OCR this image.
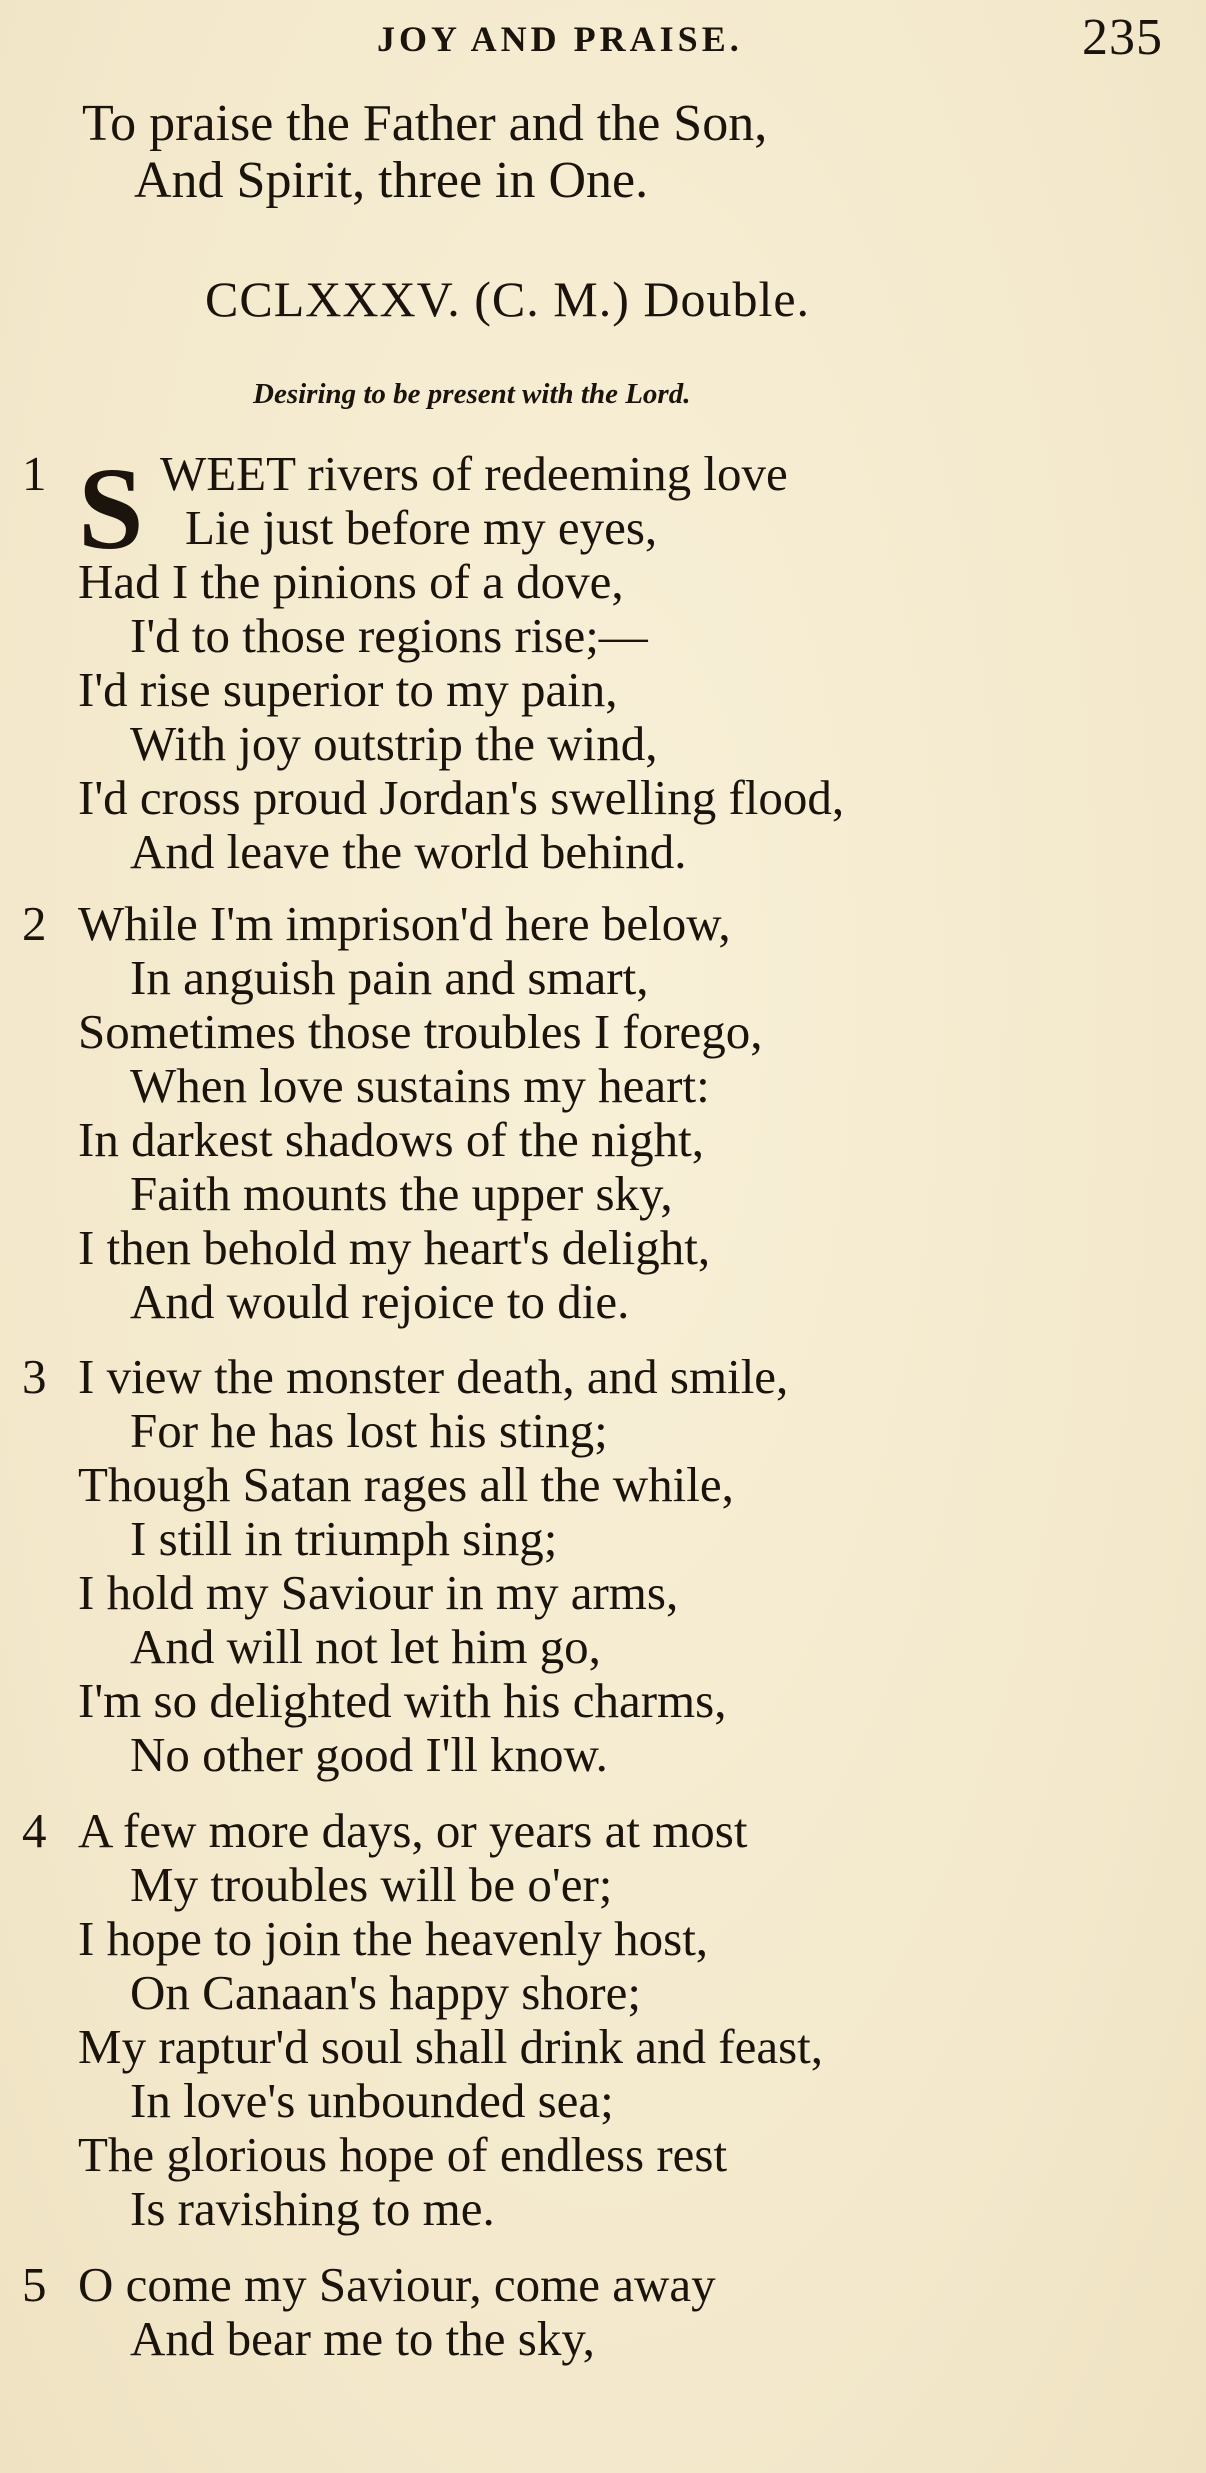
JOY AND PRAISE.	235
To praise the Father and the Son,
And Spirit, three in One.
CCLXXXV. (C. M.) Double.
Desiring to be present with the Lord.
1 S WEET rivers of redeeming love
Lie just before my eyes,
Had I the pinions of a dove,
I'd to those regions rise;—
I'd rise superior to my pain,
With joy outstrip the wind,
I'd cross proud Jordan's swelling flood,
And leave the world behind.
2 While I'm imprison'd here below,
In anguish pain and smart,
Sometimes those troubles I forego,
When love sustains my heart:
In darkest shadows of the night,
Faith mounts the upper sky,
I then behold my heart's delight,
And would rejoice to die.
3 I view the monster death, and smile,
For he has lost his sting;
Though Satan rages all the while,
I still in triumph sing;
I hold my Saviour in my arms,
And will not let him go,
I'm so delighted with his charms,
No other good I'll know.
4 A few more days, or years at most
My troubles will be o'er;
I hope to join the heavenly host,
On Canaan's happy shore;
My raptur'd soul shall drink and feast,
In love's unbounded sea;
The glorious hope of endless rest
Is ravishing to me.
5 O come my Saviour, come away
And bear me to the sky,
